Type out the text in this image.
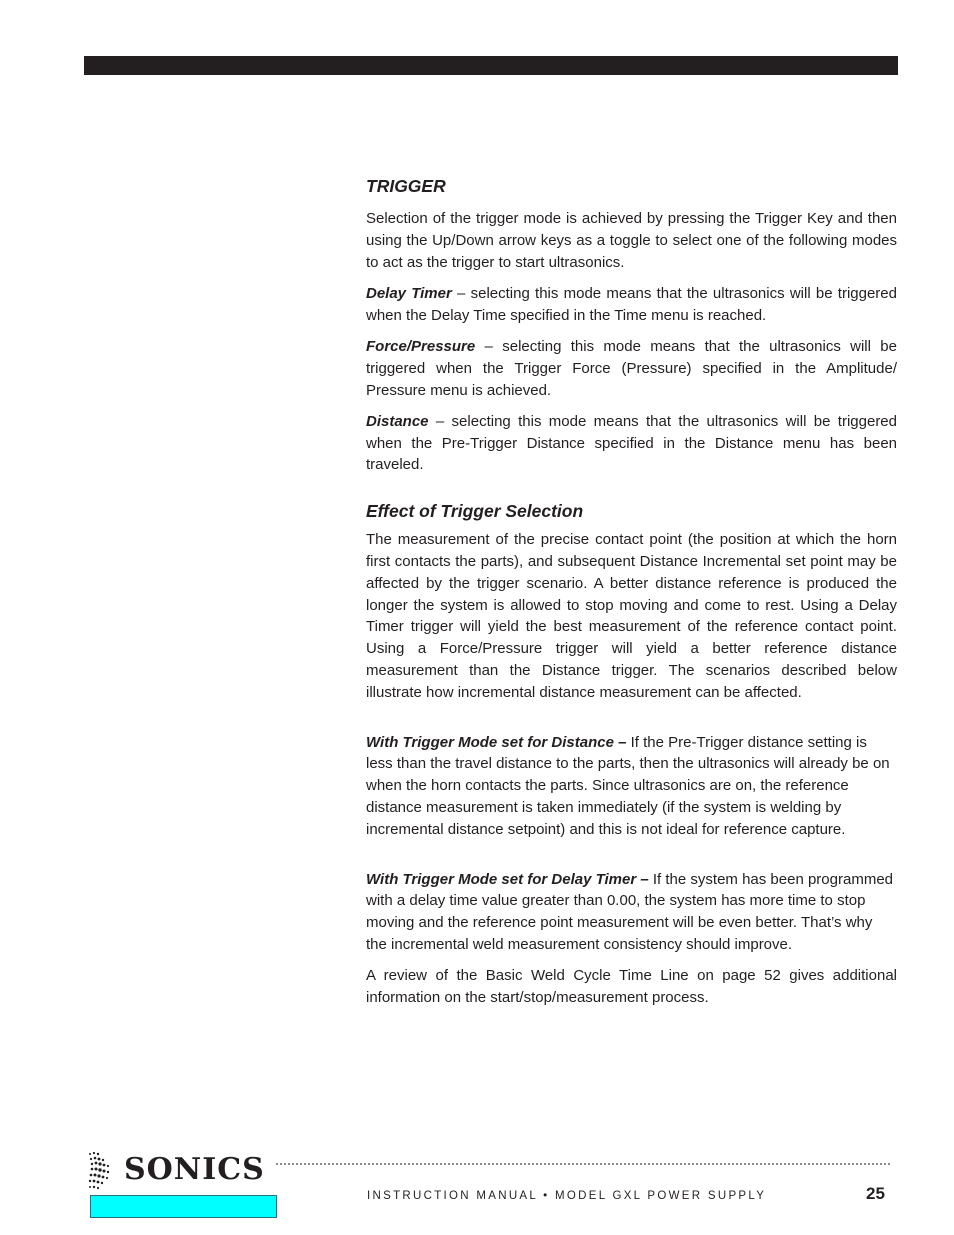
TRIGGER

Selection of the trigger mode is achieved by pressing the Trigger Key and then using the Up/Down arrow keys as a toggle to select one of the following modes to act as the trigger to start ultrasonics.

Delay Timer – selecting this mode means that the ultrasonics will be triggered when the Delay Time specified in the Time menu is reached.

Force/Pressure – selecting this mode means that the ultrasonics will be triggered when the Trigger Force (Pressure) specified in the Amplitude/ Pressure menu is achieved.

Distance – selecting this mode means that the ultrasonics will be triggered when the Pre-Trigger Distance specified in the Distance menu has been traveled.

Effect of Trigger Selection

The measurement of the precise contact point (the position at which the horn first contacts the parts), and subsequent Distance Incremental set point may be affected by the trigger scenario. A better distance reference is produced the longer the system is allowed to stop moving and come to rest. Using a Delay Timer trigger will yield the best measurement of the reference contact point. Using a Force/Pressure trigger will yield a better reference distance measurement than the Distance trigger. The scenarios described below illustrate how incremental distance measurement can be affected.

With Trigger Mode set for Distance – If the Pre-Trigger distance setting is less than the travel distance to the parts, then the ultrasonics will already be on when the horn contacts the parts. Since ultrasonics are on, the reference distance measurement is taken immediately (if the system is welding by incremental distance setpoint) and this is not ideal for reference capture.

With Trigger Mode set for Delay Timer – If the system has been programmed with a delay time value greater than 0.00, the system has more time to stop moving and the reference point measurement will be even better. That’s why the incremental weld measurement consistency should improve.

A review of the Basic Weld Cycle Time Line on page 52 gives additional information on the start/stop/measurement process.

SONICS
INSTRUCTION MANUAL • MODEL GXL POWER SUPPLY	25
